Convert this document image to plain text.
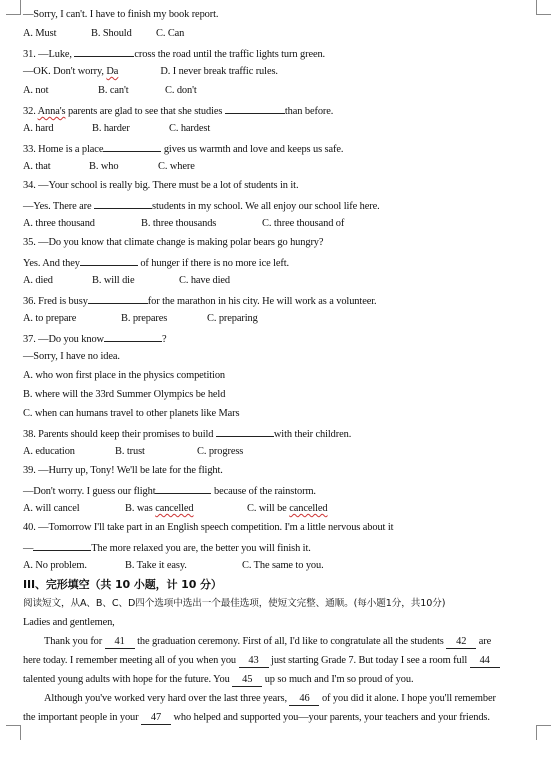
—Sorry, I can't. I have to finish my book report.
A. Must	B. Should C. Can
31. —Luke,	cross the road until the traffic lights turn green.
—OK. Don't worry, Da	D. I never break traffic rules.
A. not	B. can't	C. don't
32. Anna's parents are glad to see that she studies	than before.
A. hard	B. harder	C. hardest
33. Home is a place	gives us warmth and love and keeps us safe.
A. that	B. who	C. where
34. —Your school is really big. There must be a lot of students in it.
—Yes. There are	students in my school. We all enjoy our school life here.
A. three thousand	B. three thousands	C. three thousand of
35. —Do you know that climate change is making polar bears go hungry?
Yes. And they	of hunger if there is no more ice left.
A. died	B. will die	C. have died
36. Fred is busy	for the marathon in his city. He will work as a volunteer.
A. to prepare	B. prepares	C. preparing
37. —Do you know	?
—Sorry, I have no idea.
A. who won first place in the physics competition
B. where will the 33rd Summer Olympics be held
C. when can humans travel to other planets like Mars
38. Parents should keep their promises to build	with their children.
A. education	B. trust	C. progress
39. —Hurry up, Tony! We'll be late for the flight.
—Don't worry. I guess our flight	because of the rainstorm.
A. will cancel	B. was cancelled	C. will be cancelled
40. —Tomorrow I'll take part in an English speech competition. I'm a little nervous about it
—	The more relaxed you are, the better you will finish it.
A. No problem.	B. Take it easy.	C. The same to you.
III、完形填空（共 10 小题，计 10 分）
阅读短文，从A、B、C、D四个选项中选出一个最佳选项，使短文完整、通顺。(每小题1分，共10分)
Ladies and gentlemen,
Thank you for 41 the graduation ceremony. First of all, I'd like to congratulate all the students 42 are
here today. I remember meeting all of you when you 43 just starting Grade 7. But today I see a room full 44
talented young adults with hope for the future. You 45 up so much and I'm so proud of you.
Although you've worked very hard over the last three years, 46 of you did it alone. I hope you'll remember
the important people in your 47 who helped and supported you—your parents, your teachers and your friends.
